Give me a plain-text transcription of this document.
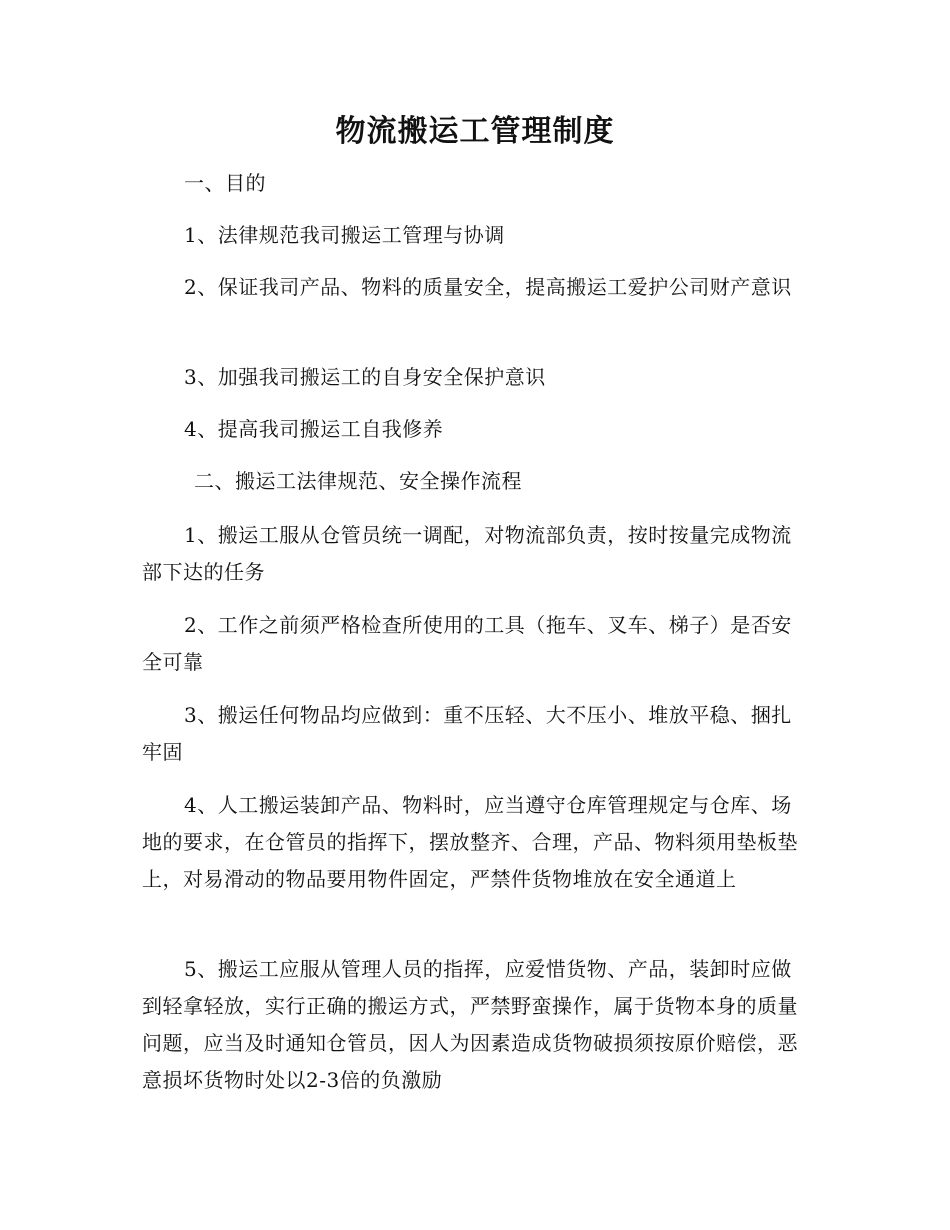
物流搬运工管理制度

一、目的

1、法律规范我司搬运工管理与协调

2、保证我司产品、物料的质量安全，提高搬运工爱护公司财产意识

3、加强我司搬运工的自身安全保护意识

4、提高我司搬运工自我修养

二、搬运工法律规范、安全操作流程

1、搬运工服从仓管员统一调配，对物流部负责，按时按量完成物流部下达的任务

2、工作之前须严格检查所使用的工具（拖车、叉车、梯子）是否安全可靠

3、搬运任何物品均应做到：重不压轻、大不压小、堆放平稳、捆扎牢固

4、人工搬运装卸产品、物料时，应当遵守仓库管理规定与仓库、场地的要求，在仓管员的指挥下，摆放整齐、合理，产品、物料须用垫板垫上，对易滑动的物品要用物件固定，严禁件货物堆放在安全通道上

5、搬运工应服从管理人员的指挥，应爱惜货物、产品，装卸时应做到轻拿轻放，实行正确的搬运方式，严禁野蛮操作，属于货物本身的质量问题，应当及时通知仓管员，因人为因素造成货物破损须按原价赔偿，恶意损坏货物时处以2-3倍的负激励
